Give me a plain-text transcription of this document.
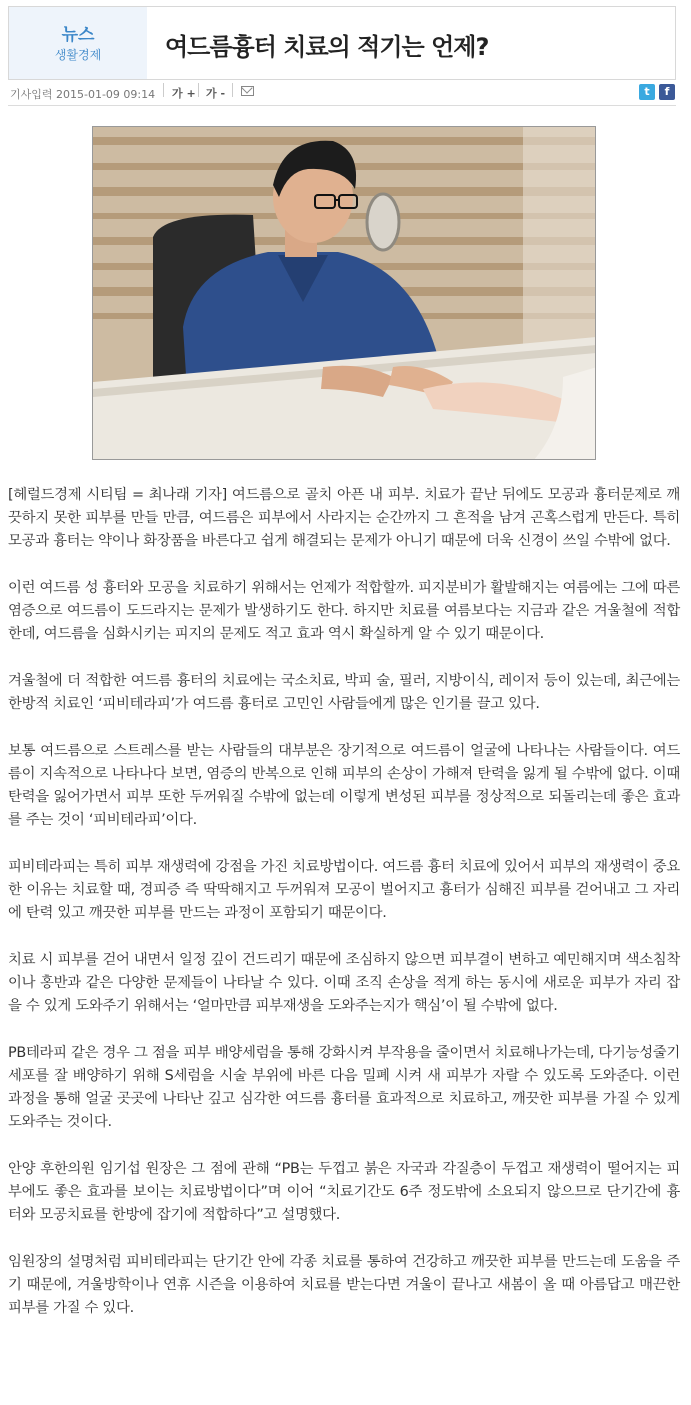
뉴스
생활경제	여드름흉터 치료의 적기는 언제?
기사입력 2015-01-09 09:14 가 + 가 -	t	f

[헤럴드경제 시티팀 = 최나래 기자] 여드름으로 골치 아픈 내 피부. 치료가 끝난 뒤에도 모공과 흉터문제로 깨끗하지 못한 피부를 만들 만큼, 여드름은 피부에서 사라지는 순간까지 그 흔적을 남겨 곤혹스럽게 만든다. 특히 모공과 흉터는 약이나 화장품을 바른다고 쉽게 해결되는 문제가 아니기 때문에 더욱 신경이 쓰일 수밖에 없다.

이런 여드름 성 흉터와 모공을 치료하기 위해서는 언제가 적합할까. 피지분비가 활발해지는 여름에는 그에 따른 염증으로 여드름이 도드라지는 문제가 발생하기도 한다. 하지만 치료를 여름보다는 지금과 같은 겨울철에 적합한데, 여드름을 심화시키는 피지의 문제도 적고 효과 역시 확실하게 알 수 있기 때문이다.

겨울철에 더 적합한 여드름 흉터의 치료에는 국소치료, 박피 술, 필러, 지방이식, 레이저 등이 있는데, 최근에는 한방적 치료인 ‘피비테라피’가 여드름 흉터로 고민인 사람들에게 많은 인기를 끌고 있다.

보통 여드름으로 스트레스를 받는 사람들의 대부분은 장기적으로 여드름이 얼굴에 나타나는 사람들이다. 여드름이 지속적으로 나타나다 보면, 염증의 반복으로 인해 피부의 손상이 가해져 탄력을 잃게 될 수밖에 없다. 이때 탄력을 잃어가면서 피부 또한 두꺼워질 수밖에 없는데 이렇게 변성된 피부를 정상적으로 되돌리는데 좋은 효과를 주는 것이 ‘피비테라피’이다.

피비테라피는 특히 피부 재생력에 강점을 가진 치료방법이다. 여드름 흉터 치료에 있어서 피부의 재생력이 중요한 이유는 치료할 때, 경피증 즉 딱딱해지고 두꺼워져 모공이 벌어지고 흉터가 심해진 피부를 걷어내고 그 자리에 탄력 있고 깨끗한 피부를 만드는 과정이 포함되기 때문이다.

치료 시 피부를 걷어 내면서 일정 깊이 건드리기 때문에 조심하지 않으면 피부결이 변하고 예민해지며 색소침착이나 홍반과 같은 다양한 문제들이 나타날 수 있다. 이때 조직 손상을 적게 하는 동시에 새로운 피부가 자리 잡을 수 있게 도와주기 위해서는 ‘얼마만큼 피부재생을 도와주는지가 핵심’이 될 수밖에 없다.

PB테라피 같은 경우 그 점을 피부 배양세럼을 통해 강화시켜 부작용을 줄이면서 치료해나가는데, 다기능성줄기세포를 잘 배양하기 위해 S세럼을 시술 부위에 바른 다음 밀폐 시켜 새 피부가 자랄 수 있도록 도와준다. 이런 과정을 통해 얼굴 곳곳에 나타난 깊고 심각한 여드름 흉터를 효과적으로 치료하고, 깨끗한 피부를 가질 수 있게 도와주는 것이다.

안양 후한의원 임기섭 원장은 그 점에 관해 “PB는 두껍고 붉은 자국과 각질층이 두껍고 재생력이 떨어지는 피부에도 좋은 효과를 보이는 치료방법이다”며 이어 “치료기간도 6주 정도밖에 소요되지 않으므로 단기간에 흉터와 모공치료를 한방에 잡기에 적합하다”고 설명했다.

임원장의 설명처럼 피비테라피는 단기간 안에 각종 치료를 통하여 건강하고 깨끗한 피부를 만드는데 도움을 주기 때문에, 겨울방학이나 연휴 시즌을 이용하여 치료를 받는다면 겨울이 끝나고 새봄이 올 때 아름답고 매끈한 피부를 가질 수 있다.
